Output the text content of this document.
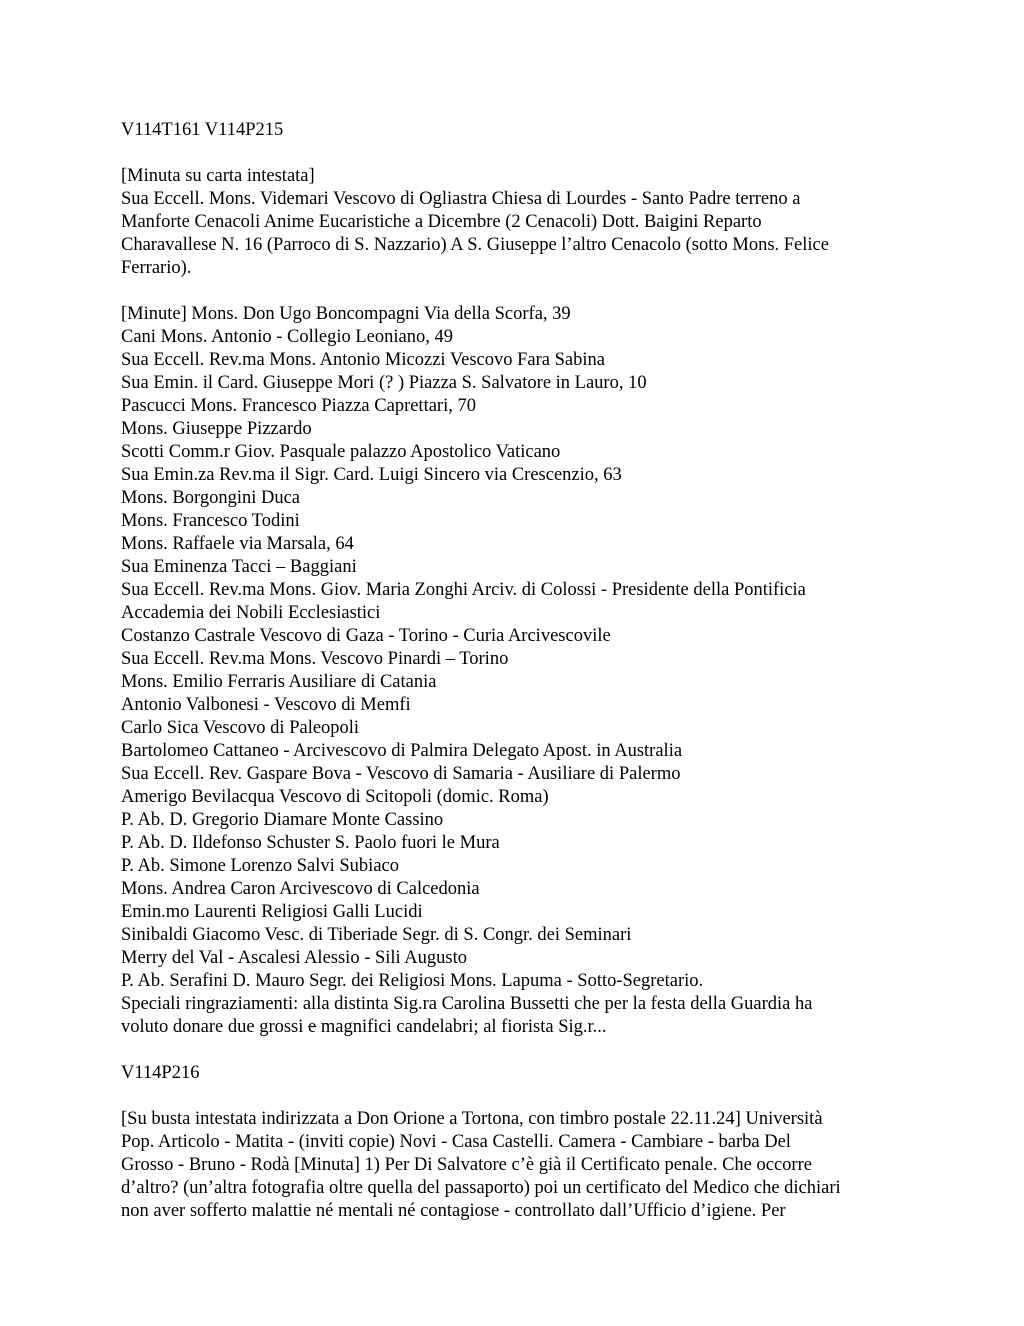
V114T161 V114P215
[Minuta su carta intestata]
Sua Eccell. Mons. Videmari Vescovo di Ogliastra Chiesa di Lourdes - Santo Padre terreno a
Manforte Cenacoli Anime Eucaristiche a Dicembre (2 Cenacoli) Dott. Baigini Reparto
Charavallese N. 16 (Parroco di S. Nazzario) A S. Giuseppe l’altro Cenacolo (sotto Mons. Felice
Ferrario).
[Minute] Mons. Don Ugo Boncompagni Via della Scorfa, 39
Cani Mons. Antonio - Collegio Leoniano, 49
Sua Eccell. Rev.ma Mons. Antonio Micozzi Vescovo Fara Sabina
Sua Emin. il Card. Giuseppe Mori (? ) Piazza S. Salvatore in Lauro, 10
Pascucci Mons. Francesco Piazza Caprettari, 70
Mons. Giuseppe Pizzardo
Scotti Comm.r Giov. Pasquale palazzo Apostolico Vaticano
Sua Emin.za Rev.ma il Sigr. Card. Luigi Sincero via Crescenzio, 63
Mons. Borgongini Duca
Mons. Francesco Todini
Mons. Raffaele via Marsala, 64
Sua Eminenza Tacci – Baggiani
Sua Eccell. Rev.ma Mons. Giov. Maria Zonghi Arciv. di Colossi - Presidente della Pontificia
Accademia dei Nobili Ecclesiastici
Costanzo Castrale Vescovo di Gaza - Torino - Curia Arcivescovile
Sua Eccell. Rev.ma Mons. Vescovo Pinardi – Torino
Mons. Emilio Ferraris Ausiliare di Catania
Antonio Valbonesi - Vescovo di Memfi
Carlo Sica Vescovo di Paleopoli
Bartolomeo Cattaneo - Arcivescovo di Palmira Delegato Apost. in Australia
Sua Eccell. Rev. Gaspare Bova - Vescovo di Samaria - Ausiliare di Palermo
Amerigo Bevilacqua Vescovo di Scitopoli (domic. Roma)
P. Ab. D. Gregorio Diamare Monte Cassino
P. Ab. D. Ildefonso Schuster S. Paolo fuori le Mura
P. Ab. Simone Lorenzo Salvi Subiaco
Mons. Andrea Caron Arcivescovo di Calcedonia
Emin.mo Laurenti Religiosi Galli Lucidi
Sinibaldi Giacomo Vesc. di Tiberiade Segr. di S. Congr. dei Seminari
Merry del Val - Ascalesi Alessio - Sili Augusto
P. Ab. Serafini D. Mauro Segr. dei Religiosi Mons. Lapuma - Sotto-Segretario.
Speciali ringraziamenti: alla distinta Sig.ra Carolina Bussetti che per la festa della Guardia ha
voluto donare due grossi e magnifici candelabri; al fiorista Sig.r...
V114P216
[Su busta intestata indirizzata a Don Orione a Tortona, con timbro postale 22.11.24] Università
Pop. Articolo - Matita - (inviti copie) Novi - Casa Castelli. Camera - Cambiare - barba Del
Grosso - Bruno - Rodà [Minuta] 1) Per Di Salvatore c’è già il Certificato penale. Che occorre
d’altro? (un’altra fotografia oltre quella del passaporto) poi un certificato del Medico che dichiari
non aver sofferto malattie né mentali né contagiose - controllato dall’Ufficio d’igiene. Per
